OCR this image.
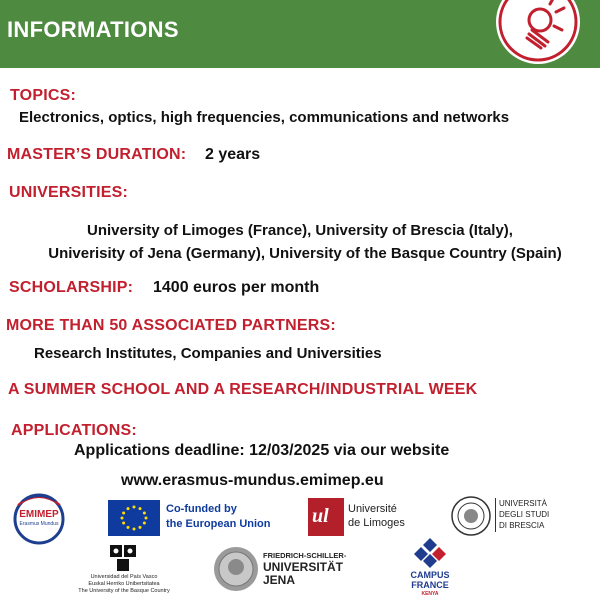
INFORMATIONS
TOPICS:
Electronics, optics, high frequencies, communications and networks
MASTER’S DURATION: 2 years
UNIVERSITIES:
University of Limoges (France), University of Brescia (Italy),
Univerisity of Jena (Germany), University of the Basque Country (Spain)
SCHOLARSHIP: 1400 euros per month
MORE THAN 50 ASSOCIATED PARTNERS:
Research Institutes, Companies and Universities
A SUMMER SCHOOL AND A RESEARCH/INDUSTRIAL WEEK
APPLICATIONS:
Applications deadline: 12/03/2025 via our website
www.erasmus-mundus.emimep.eu
EMIMEP
Erasmus Mundus
Co-funded by
the European Union ul Université
de Limoges
UNIVERSITÀ
DEGLI STUDI
DI BRESCIA
Universidad del País Vasco
Euskal Herriko Unibertsitatea
The University of the Basque Country
FRIEDRICH-SCHILLER-
UNIVERSITÄT
JENA	CAMPUS
FRANCE
KENYA
